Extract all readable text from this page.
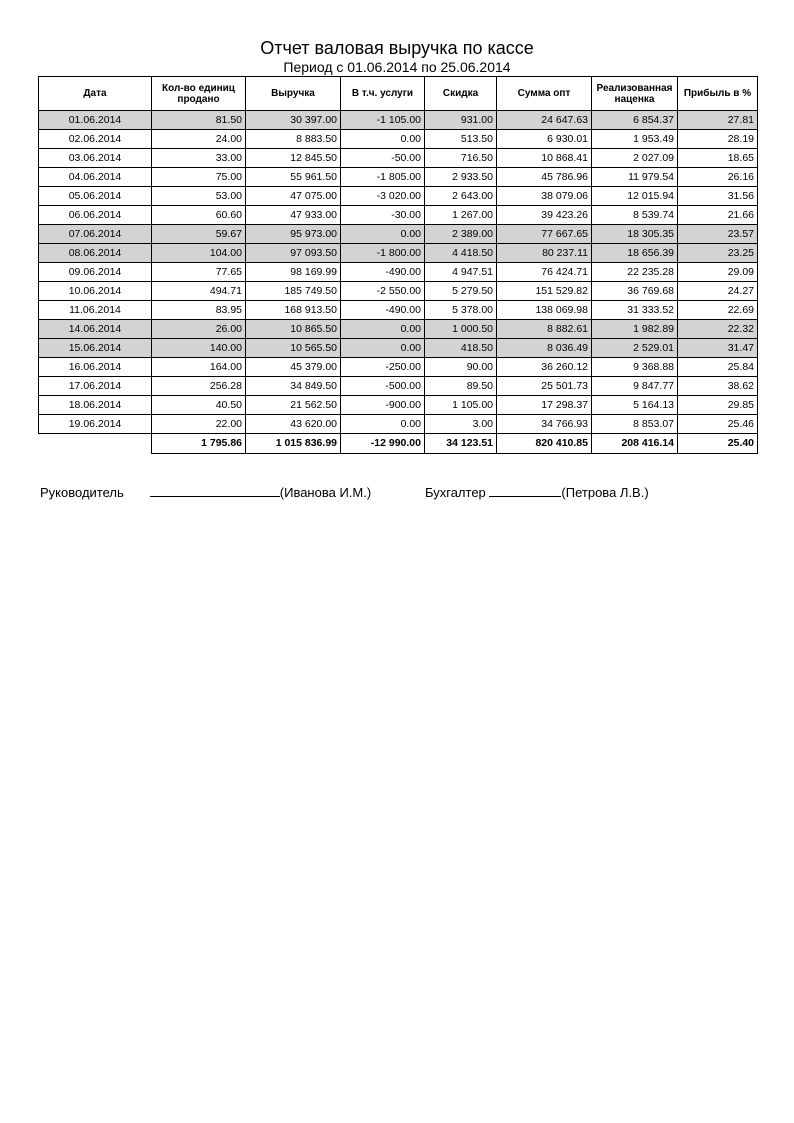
Отчет валовая выручка по кассе
Период с 01.06.2014 по 25.06.2014
Дата	Кол-во единиц продано	Выручка	В т.ч. услуги	Скидка	Сумма опт	Реализованная наценка	Прибыль в %
01.06.2014	81.50	30 397.00	-1 105.00	931.00	24 647.63	6 854.37	27.81
02.06.2014	24.00	8 883.50	0.00	513.50	6 930.01	1 953.49	28.19
03.06.2014	33.00	12 845.50	-50.00	716.50	10 868.41	2 027.09	18.65
04.06.2014	75.00	55 961.50	-1 805.00	2 933.50	45 786.96	11 979.54	26.16
05.06.2014	53.00	47 075.00	-3 020.00	2 643.00	38 079.06	12 015.94	31.56
06.06.2014	60.60	47 933.00	-30.00	1 267.00	39 423.26	8 539.74	21.66
07.06.2014	59.67	95 973.00	0.00	2 389.00	77 667.65	18 305.35	23.57
08.06.2014	104.00	97 093.50	-1 800.00	4 418.50	80 237.11	18 656.39	23.25
09.06.2014	77.65	98 169.99	-490.00	4 947.51	76 424.71	22 235.28	29.09
10.06.2014	494.71	185 749.50	-2 550.00	5 279.50	151 529.82	36 769.68	24.27
11.06.2014	83.95	168 913.50	-490.00	5 378.00	138 069.98	31 333.52	22.69
14.06.2014	26.00	10 865.50	0.00	1 000.50	8 882.61	1 982.89	22.32
15.06.2014	140.00	10 565.50	0.00	418.50	8 036.49	2 529.01	31.47
16.06.2014	164.00	45 379.00	-250.00	90.00	36 260.12	9 368.88	25.84
17.06.2014	256.28	34 849.50	-500.00	89.50	25 501.73	9 847.77	38.62
18.06.2014	40.50	21 562.50	-900.00	1 105.00	17 298.37	5 164.13	29.85
19.06.2014	22.00	43 620.00	0.00	3.00	34 766.93	8 853.07	25.46
	1 795.86	1 015 836.99	-12 990.00	34 123.51	820 410.85	208 416.14	25.40
Руководитель	(Иванова И.М.)	Бухгалтер	(Петрова Л.В.)
